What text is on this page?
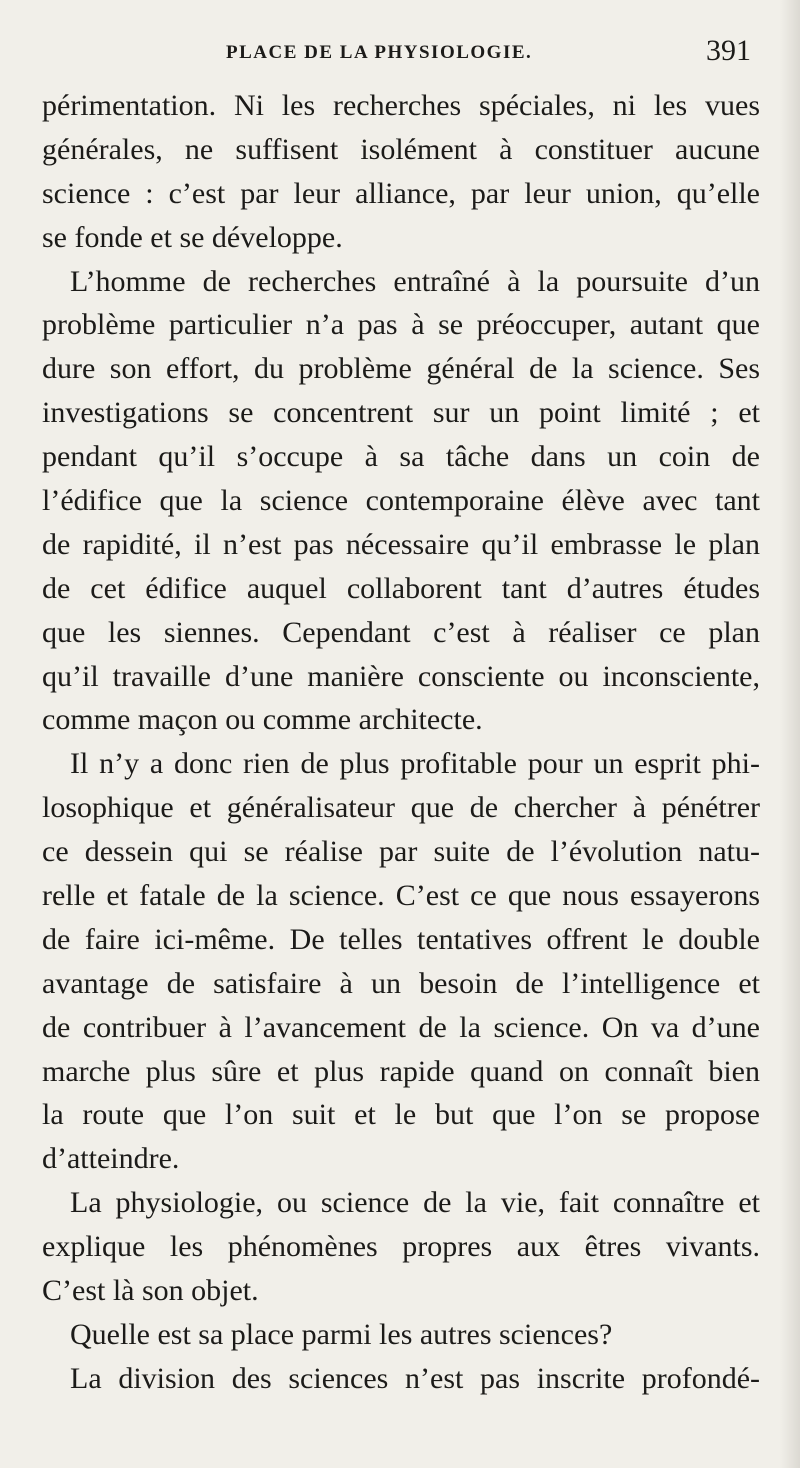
PLACE DE LA PHYSIOLOGIE.	391
périmentation. Ni les recherches spéciales, ni les vues
générales, ne suffisent isolément à constituer aucune
science : c’est par leur alliance, par leur union, qu’elle
se fonde et se développe.
L’homme de recherches entraîné à la poursuite d’un
problème particulier n’a pas à se préoccuper, autant que
dure son effort, du problème général de la science. Ses
investigations se concentrent sur un point limité ; et
pendant qu’il s’occupe à sa tâche dans un coin de
l’édifice que la science contemporaine élève avec tant
de rapidité, il n’est pas nécessaire qu’il embrasse le plan
de cet édifice auquel collaborent tant d’autres études
que les siennes. Cependant c’est à réaliser ce plan
qu’il travaille d’une manière consciente ou inconsciente,
comme maçon ou comme architecte.
Il n’y a donc rien de plus profitable pour un esprit phi-
losophique et généralisateur que de chercher à pénétrer
ce dessein qui se réalise par suite de l’évolution natu-
relle et fatale de la science. C’est ce que nous essayerons
de faire ici-même. De telles tentatives offrent le double
avantage de satisfaire à un besoin de l’intelligence et
de contribuer à l’avancement de la science. On va d’une
marche plus sûre et plus rapide quand on connaît bien
la route que l’on suit et le but que l’on se propose
d’atteindre.
La physiologie, ou science de la vie, fait connaître et
explique les phénomènes propres aux êtres vivants.
C’est là son objet.
Quelle est sa place parmi les autres sciences?
La division des sciences n’est pas inscrite profondé-
